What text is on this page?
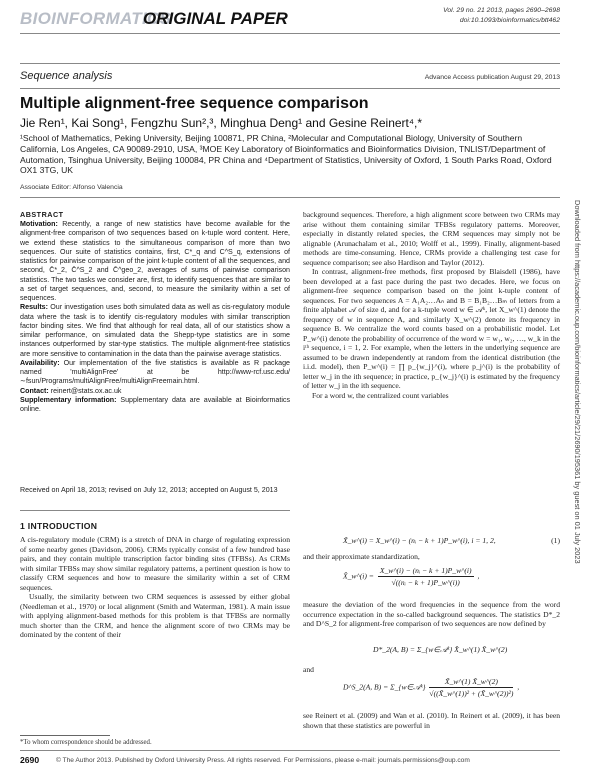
BIOINFORMATICS
ORIGINAL PAPER	Vol. 29 no. 21 2013, pages 2690–2698
doi:10.1093/bioinformatics/btt462
Sequence analysis	Advance Access publication August 29, 2013
Multiple alignment-free sequence comparison
Jie Ren¹, Kai Song¹, Fengzhu Sun²,³, Minghua Deng¹ and Gesine Reinert⁴,*
¹School of Mathematics, Peking University, Beijing 100871, PR China, ²Molecular and Computational Biology, University of Southern California, Los Angeles, CA 90089-2910, USA, ³MOE Key Laboratory of Bioinformatics and Bioinformatics Division, TNLIST/Department of Automation, Tsinghua University, Beijing 100084, PR China and ⁴Department of Statistics, University of Oxford, 1 South Parks Road, Oxford OX1 3TG, UK
Associate Editor: Alfonso Valencia
ABSTRACT

Motivation: Recently, a range of new statistics have become available for the alignment-free comparison of two sequences based on k-tuple word content. Here, we extend these statistics to the simultaneous comparison of more than two sequences. Our suite of statistics contains, first, C*_q and C^S_q, extensions of statistics for pairwise comparison of the joint k-tuple content of all the sequences, and second, C̄*_2, C̄^S_2 and C̄^geo_2, averages of sums of pairwise comparison statistics. The two tasks we consider are, first, to identify sequences that are similar to a set of target sequences, and, second, to measure the similarity within a set of sequences.

Results: Our investigation uses both simulated data as well as cis-regulatory module data where the task is to identify cis-regulatory modules with similar transcription factor binding sites. We find that although for real data, all of our statistics show a similar performance, on simulated data the Shepp-type statistics are in some instances outperformed by star-type statistics. The multiple alignment-free statistics are more sensitive to contamination in the data than the pairwise average statistics.

Availability: Our implementation of the five statistics is available as R package named 'multiAlignFree' at be http://www-rcf.usc.edu/∼fsun/Programs/multiAlignFree/multiAlignFreemain.html.

Contact: reinert@stats.ox.ac.uk

Supplementary information: Supplementary data are available at Bioinformatics online.

Received on April 18, 2013; revised on July 12, 2013; accepted on August 5, 2013
1 INTRODUCTION

A cis-regulatory module (CRM) is a stretch of DNA in charge of regulating expression of some nearby genes (Davidson, 2006). CRMs typically consist of a few hundred base pairs, and they contain multiple transcription factor binding sites (TFBSs). As CRMs with similar TFBSs may show similar regulatory patterns, a pertinent question is how to classify CRM sequences and how to measure the similarity within a set of CRM sequences.

Usually, the similarity between two CRM sequences is assessed by either global (Needleman et al., 1970) or local alignment (Smith and Waterman, 1981). A main issue with applying alignment-based methods for this problem is that TFBSs are normally much shorter than the CRM, and hence the alignment score of two CRMs may be dominated by the content of their

*To whom correspondence should be addressed.

background sequences. Therefore, a high alignment score between two CRMs may arise without them containing similar TFBSs regulatory patterns. Moreover, especially in distantly related species, the CRM sequences may simply not be alignable (Arunachalam et al., 2010; Wolff et al., 1999). Finally, alignment-based methods are time-consuming. Hence, CRMs provide a challenging test case for sequence comparison; see also Hardison and Taylor (2012).

In contrast, alignment-free methods, first proposed by Blaisdell (1986), have been developed at a fast pace during the past two decades. Here, we focus on alignment-free sequence comparison based on the joint k-tuple content of sequences. For two sequences A = A₁A₂…Aₙ and B = B₁B₂…Bₘ of letters from a finite alphabet 𝒜 of size d, and for a k-tuple word w ∈ 𝒜ᵏ, let X_w^(1) denote the frequency of w in sequence A, and similarly X_w^(2) denote its frequency in sequence B. We centralize the word counts based on a probabilistic model. Let P_w^(i) denote the probability of occurrence of the word w = w₁, w₂, …, w_k in the iᵗʰ sequence, i = 1, 2. For example, when the letters in the underlying sequence are assumed to be drawn independently at random from the identical distribution (the i.i.d. model), then P_w^(i) = ∏ p_{w_j}^(i), where p_j^(i) is the probability of letter w_j in the ith sequence; in practice, p_{w_j}^(i) is estimated by the frequency of letter w_j in the ith sequence.

For a word w, the centralized count variables

X̃_w^(i) = X_w^(i) − (nᵢ − k + 1)P_w^(i), i = 1, 2,	(1)

and their approximate standardization,

X̂_w^(i) = $\frac{\text{X\_w\textasciicircum{}(i) − (nᵢ − k + 1)P\_w\textasciicircum{}(i)}}{\text{√((nᵢ − k + 1)P\_w\textasciicircum{}(i))}}$ ,

measure the deviation of the word frequencies in the sequence from the word occurrence expectation in the so-called background sequences. The statistics D*_2 and D^S_2 for alignment-free comparison of two sequences are now defined by

D*_2(A, B) = Σ_{w∈𝒜ᵏ} X̂_w^(1) X̂_w^(2)

and

D^S_2(A, B) = Σ_{w∈𝒜ᵏ} $\frac{X̃\_w\^{}(1) X̃\_w\^{}(2)}{\text{√((X̃\_w\textasciicircum{}(1))² + (X̃\_w\textasciicircum{}(2))²)}}$ ,

see Reinert et al. (2009) and Wan et al. (2010). In Reinert et al. (2009), it has been shown that these statistics are powerful in

2690	© The Author 2013. Published by Oxford University Press. All rights reserved. For Permissions, please e-mail: journals.permissions@oup.com
Downloaded from https://academic.oup.com/bioinformatics/article/29/21/2690/195361 by guest on 01 July 2023
